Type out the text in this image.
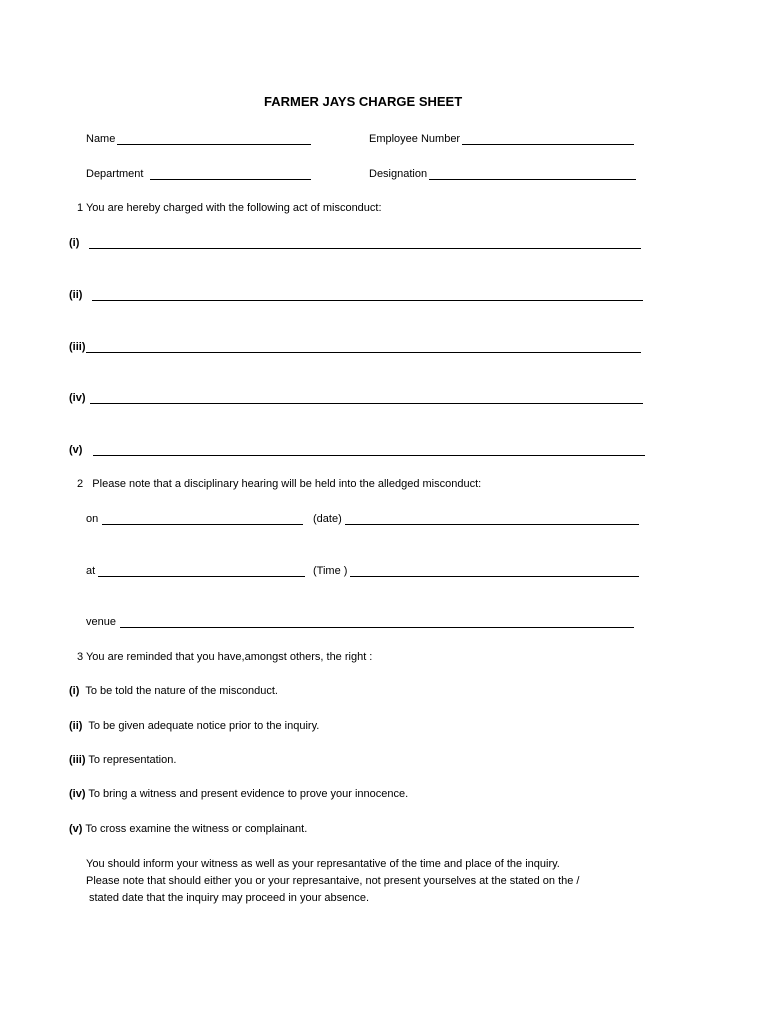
FARMER JAYS CHARGE SHEET
Name	Employee Number
Department	Designation
1 You are hereby charged with the following act of misconduct:
(i)
(ii)
(iii)
(iv)
(v)
2 Please note that a disciplinary hearing will be held into the alledged misconduct:
on	(date)
at	(Time )
venue
3 You are reminded that you have,amongst others, the right :
(i) To be told the nature of the misconduct.
(ii) To be given adequate notice prior to the inquiry.
(iii) To representation.
(iv) To bring a witness and present evidence to prove your innocence.
(v) To cross examine the witness or complainant.
You should inform your witness as well as your represantative of the time and place of the inquiry.
Please note that should either you or your represantaive, not present yourselves at the stated on the /
stated date that the inquiry may proceed in your absence.
